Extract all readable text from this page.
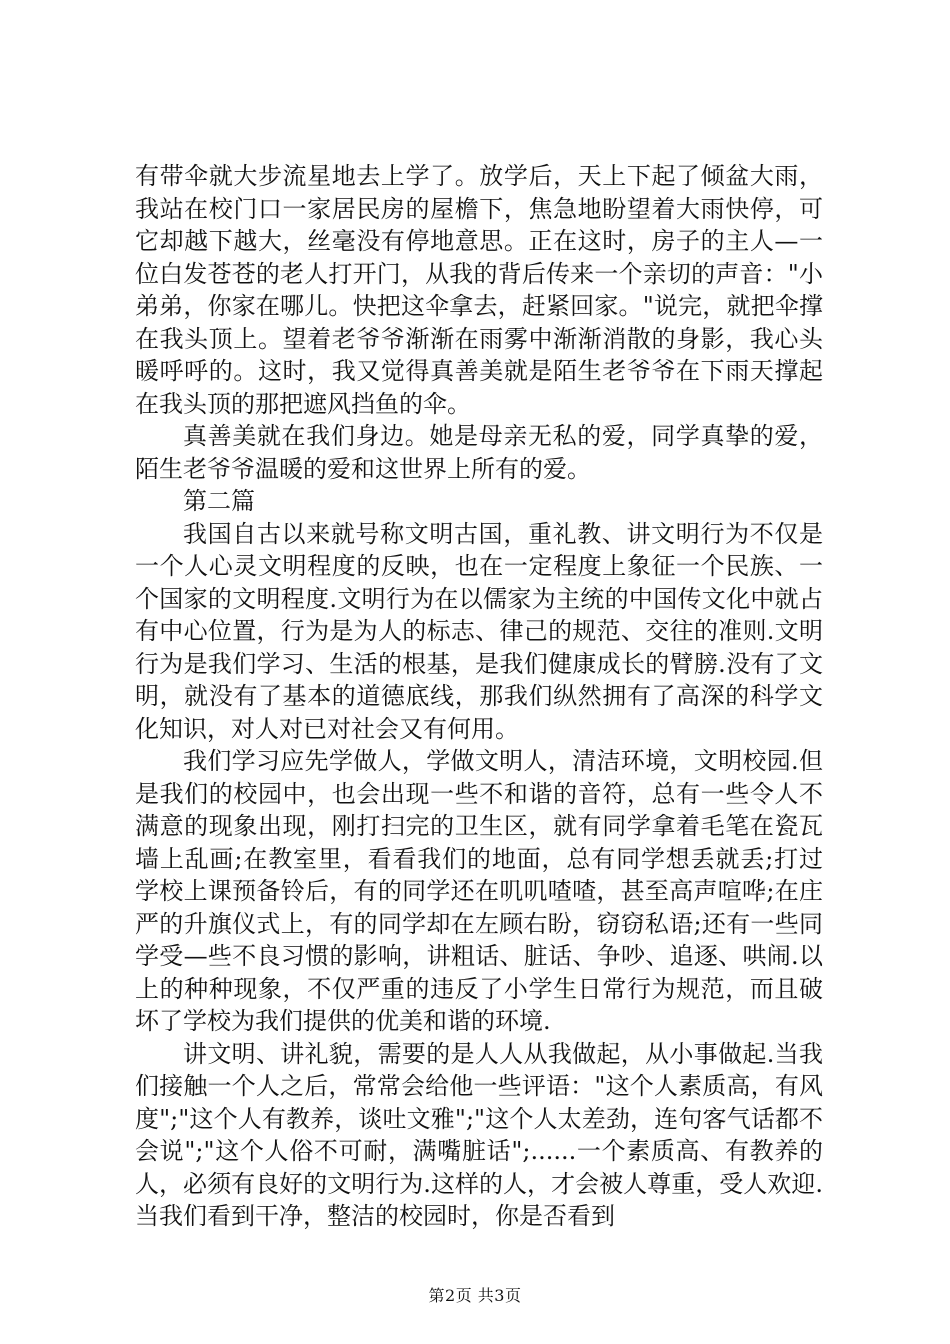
有带伞就大步流星地去上学了。放学后，天上下起了倾盆大雨，我站在校门口一家居民房的屋檐下，焦急地盼望着大雨快停，可它却越下越大，丝毫没有停地意思。正在这时，房子的主人—一位白发苍苍的老人打开门，从我的背后传来一个亲切的声音："小弟弟，你家在哪儿。快把这伞拿去，赶紧回家。"说完，就把伞撑在我头顶上。望着老爷爷渐渐在雨雾中渐渐消散的身影，我心头暖呼呼的。这时，我又觉得真善美就是陌生老爷爷在下雨天撑起在我头顶的那把遮风挡鱼的伞。

真善美就在我们身边。她是母亲无私的爱，同学真挚的爱，陌生老爷爷温暖的爱和这世界上所有的爱。

第二篇

我国自古以来就号称文明古国，重礼教、讲文明行为不仅是一个人心灵文明程度的反映，也在一定程度上象征一个民族、一个国家的文明程度.文明行为在以儒家为主统的中国传文化中就占有中心位置，行为是为人的标志、律己的规范、交往的准则.文明行为是我们学习、生活的根基，是我们健康成长的臂膀.没有了文明，就没有了基本的道德底线，那我们纵然拥有了高深的科学文化知识，对人对已对社会又有何用。

我们学习应先学做人，学做文明人，清洁环境，文明校园.但是我们的校园中，也会出现一些不和谐的音符，总有一些令人不满意的现象出现，刚打扫完的卫生区，就有同学拿着毛笔在瓷瓦墙上乱画;在教室里，看看我们的地面，总有同学想丢就丢;打过学校上课预备铃后，有的同学还在叽叽喳喳，甚至高声喧哗;在庄严的升旗仪式上，有的同学却在左顾右盼，窃窃私语;还有一些同学受—些不良习惯的影响，讲粗话、脏话、争吵、追逐、哄闹.以上的种种现象，不仅严重的违反了小学生日常行为规范，而且破坏了学校为我们提供的优美和谐的环境.

讲文明、讲礼貌，需要的是人人从我做起，从小事做起.当我们接触一个人之后，常常会给他一些评语："这个人素质高，有风度";"这个人有教养，谈吐文雅";"这个人太差劲，连句客气话都不会说";"这个人俗不可耐，满嘴脏话";......一个素质高、有教养的人，必须有良好的文明行为.这样的人，才会被人尊重，受人欢迎.当我们看到干净，整洁的校园时，你是否看到

第2页 共3页
